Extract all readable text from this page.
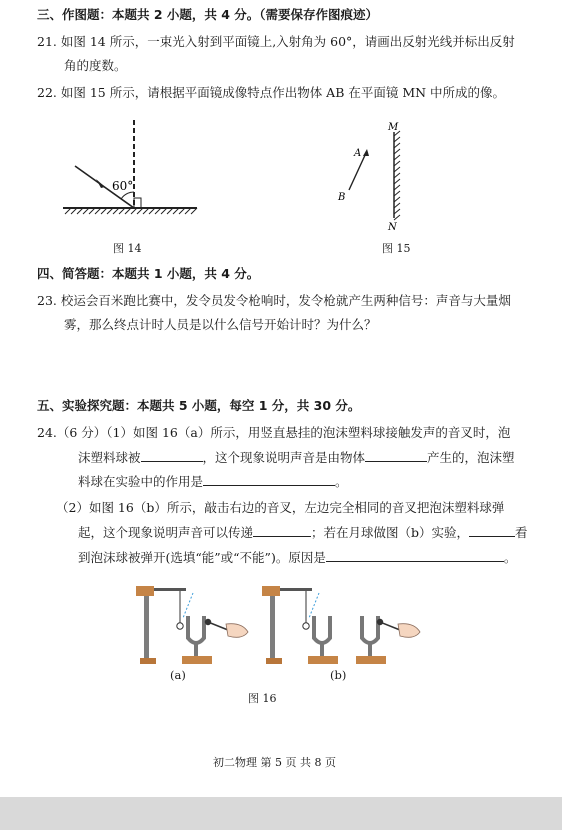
三、作图题：本题共 2 小题，共 4 分。（需要保存作图痕迹）
21. 如图 14 所示，一束光入射到平面镜上,入射角为 60°，请画出反射光线并标出反射
角的度数。
22. 如图 15 所示，请根据平面镜成像特点作出物体 AB 在平面镜 MN 中所成的像。
60°
图 14
M
N
A
B
图 15
四、简答题：本题共 1 小题，共 4 分。
23. 校运会百米跑比赛中，发令员发令枪响时，发令枪就产生两种信号：声音与大量烟
雾，那么终点计时人员是以什么信号开始计时？为什么？
五、实验探究题：本题共 5 小题，每空 1 分，共 30 分。
24.（6 分）（1）如图 16（a）所示，用竖直悬挂的泡沫塑料球接触发声的音叉时，泡
沫塑料球被	，这个现象说明声音是由物体	产生的，泡沫塑
料球在实验中的作用是	。
（2）如图 16（b）所示，敲击右边的音叉，左边完全相同的音叉把泡沫塑料球弹
起，这个现象说明声音可以传递	；若在月球做图（b）实验，	看
到泡沫球被弹开(选填“能”或“不能”)。原因是	。
(a)	(b)
图 16
初二物理 第 5 页 共 8 页
